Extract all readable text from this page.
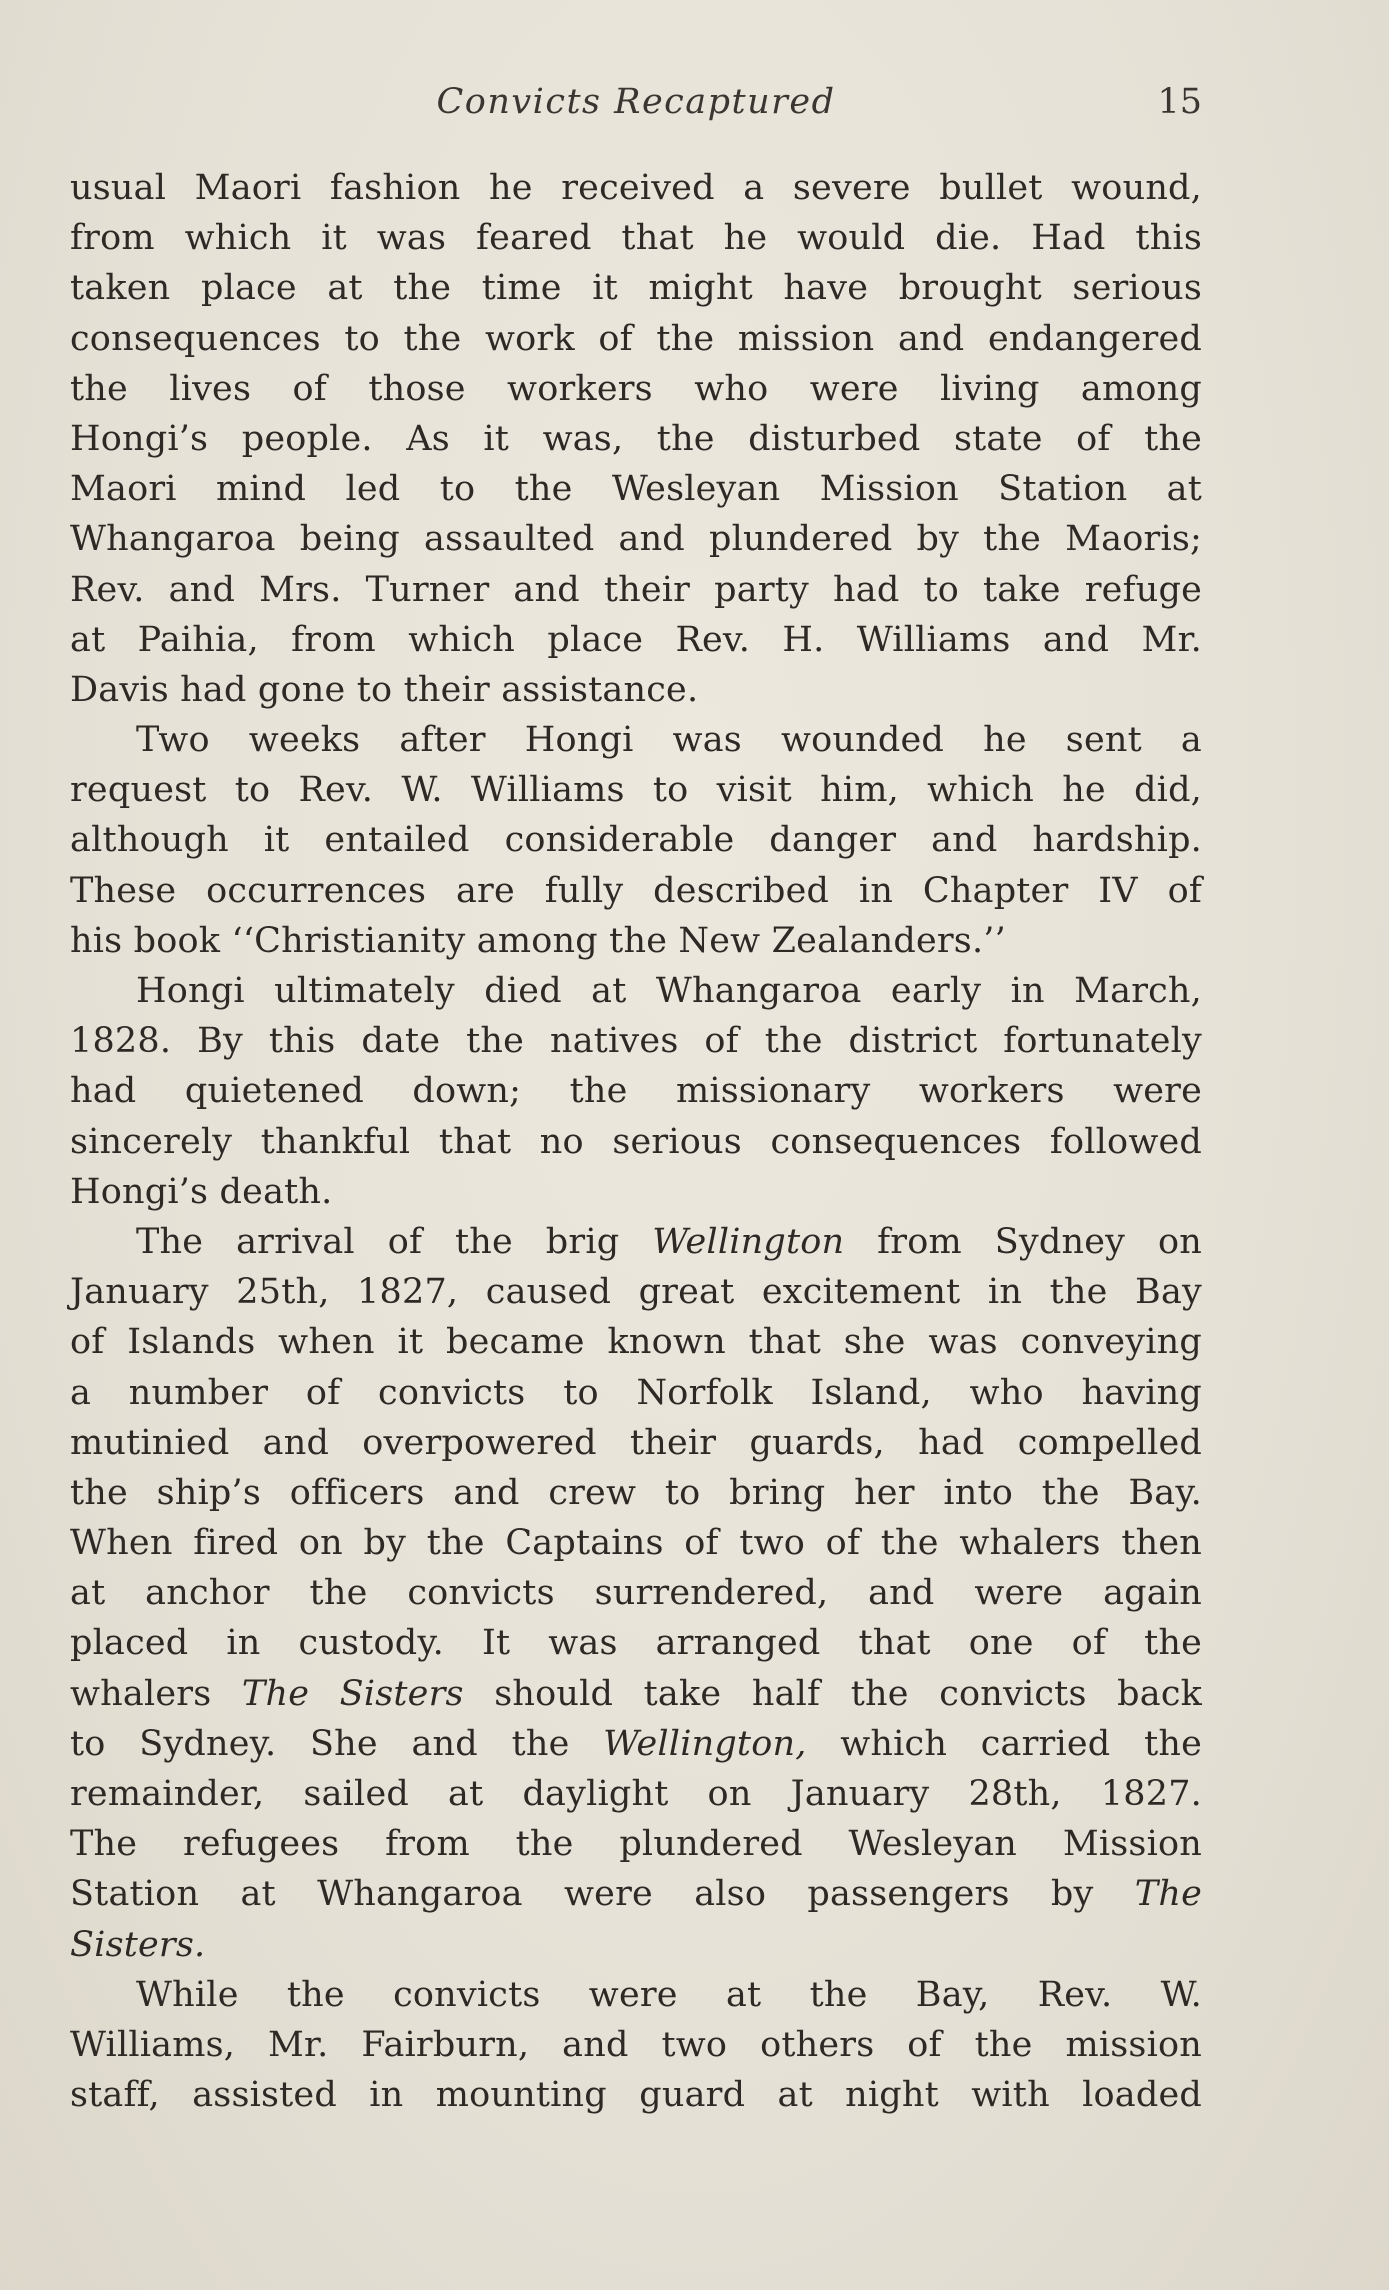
Convicts Recaptured	15
usual Maori fashion he received a severe bullet wound,
from which it was feared that he would die. Had this
taken place at the time it might have brought serious
consequences to the work of the mission and endangered
the lives of those workers who were living among
Hongi’s people. As it was, the disturbed state of the
Maori mind led to the Wesleyan Mission Station at
Whangaroa being assaulted and plundered by the Maoris;
Rev. and Mrs. Turner and their party had to take refuge
at Paihia, from which place Rev. H. Williams and Mr.
Davis had gone to their assistance.
Two weeks after Hongi was wounded he sent a
request to Rev. W. Williams to visit him, which he did,
although it entailed considerable danger and hardship.
These occurrences are fully described in Chapter IV of
his book ‘‘Christianity among the New Zealanders.’’
Hongi ultimately died at Whangaroa early in March,
1828. By this date the natives of the district fortunately
had quietened down; the missionary workers were
sincerely thankful that no serious consequences followed
Hongi’s death.
The arrival of the brig Wellington from Sydney on
January 25th, 1827, caused great excitement in the Bay
of Islands when it became known that she was conveying
a number of convicts to Norfolk Island, who having
mutinied and overpowered their guards, had compelled
the ship’s officers and crew to bring her into the Bay.
When fired on by the Captains of two of the whalers then
at anchor the convicts surrendered, and were again
placed in custody. It was arranged that one of the
whalers The Sisters should take half the convicts back
to Sydney. She and the Wellington, which carried the
remainder, sailed at daylight on January 28th, 1827.
The refugees from the plundered Wesleyan Mission
Station at Whangaroa were also passengers by The
Sisters.
While the convicts were at the Bay, Rev. W.
Williams, Mr. Fairburn, and two others of the mission
staff, assisted in mounting guard at night with loaded
